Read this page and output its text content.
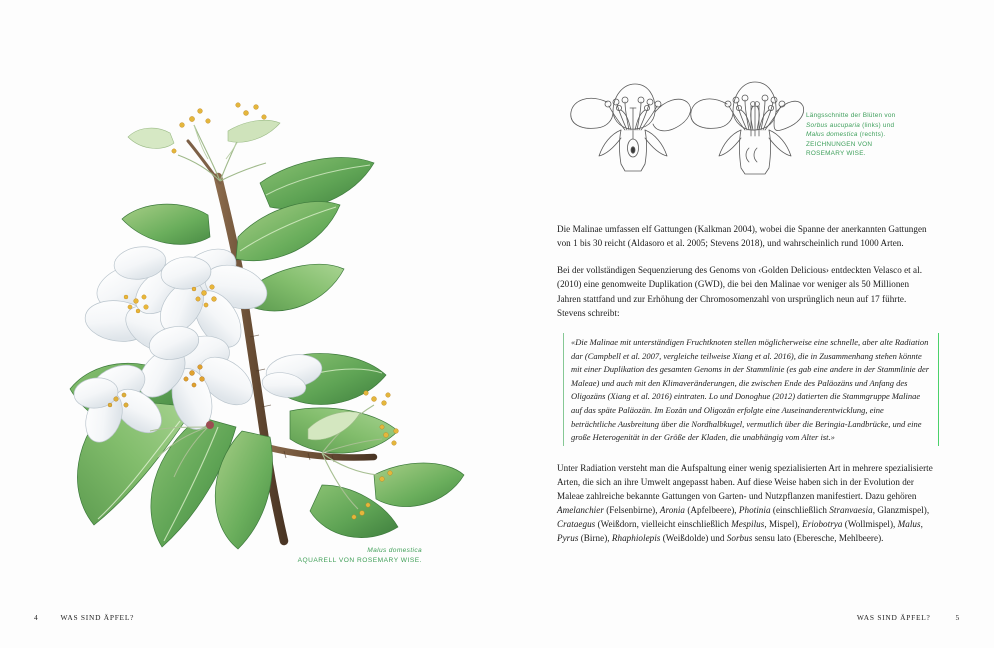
Malus domestica
AQUARELL VON ROSEMARY WISE.
4	WAS SIND ÄPFEL?
Längsschnitte der Blüten von
Sorbus aucuparia (links) und
Malus domestica (rechts).
ZEICHNUNGEN VON
ROSEMARY WISE.

Die Malinae umfassen elf Gattungen (Kalkman 2004), wobei die Spanne der anerkannten Gattungen von 1 bis 30 reicht (Aldasoro et al. 2005; Stevens 2018), und wahrscheinlich rund 1000 Arten.

Bei der vollständigen Sequenzierung des Genoms von ‹Golden Delicious› entdeckten Velasco et al. (2010) eine genomweite Duplikation (GWD), die bei den Malinae vor weniger als 50 Millionen Jahren stattfand und zur Erhöhung der Chromosomenzahl von ursprünglich neun auf 17 führte. Stevens schreibt:

«Die Malinae mit unterständigen Fruchtknoten stellen möglicherweise eine schnelle, aber alte Radiation dar (Campbell et al. 2007, vergleiche teilweise Xiang et al. 2016), die in Zusammenhang stehen könnte mit einer Duplikation des gesamten Genoms in der Stammlinie (es gab eine andere in der Stammlinie der Maleae) und auch mit den Klimaveränderungen, die zwischen Ende des Paläozäns und Anfang des Oligozäns (Xiang et al. 2016) eintraten. Lo und Donoghue (2012) datierten die Stammgruppe Malinae auf das späte Paläozän. Im Eozän und Oligozän erfolgte eine Auseinanderentwicklung, eine beträchtliche Ausbreitung über die Nordhalbkugel, vermutlich über die Beringia-Landbrücke, und eine große Heterogenität in der Größe der Kladen, die unabhängig vom Alter ist.»

Unter Radiation versteht man die Aufspaltung einer wenig spezialisierten Art in mehrere spezialisierte Arten, die sich an ihre Umwelt angepasst haben. Auf diese Weise haben sich in der Evolution der Maleae zahlreiche bekannte Gattungen von Garten- und Nutzpflanzen manifestiert. Dazu gehören Amelanchier (Felsenbirne), Aronia (Apfelbeere), Photinia (einschließlich Stranvaesia, Glanzmispel), Crataegus (Weißdorn, vielleicht einschließlich Mespilus, Mispel), Eriobotrya (Wollmispel), Malus, Pyrus (Birne), Rhaphiolepis (Weißdolde) und Sorbus sensu lato (Eberesche, Mehlbeere).

WAS SIND ÄPFEL?	5
